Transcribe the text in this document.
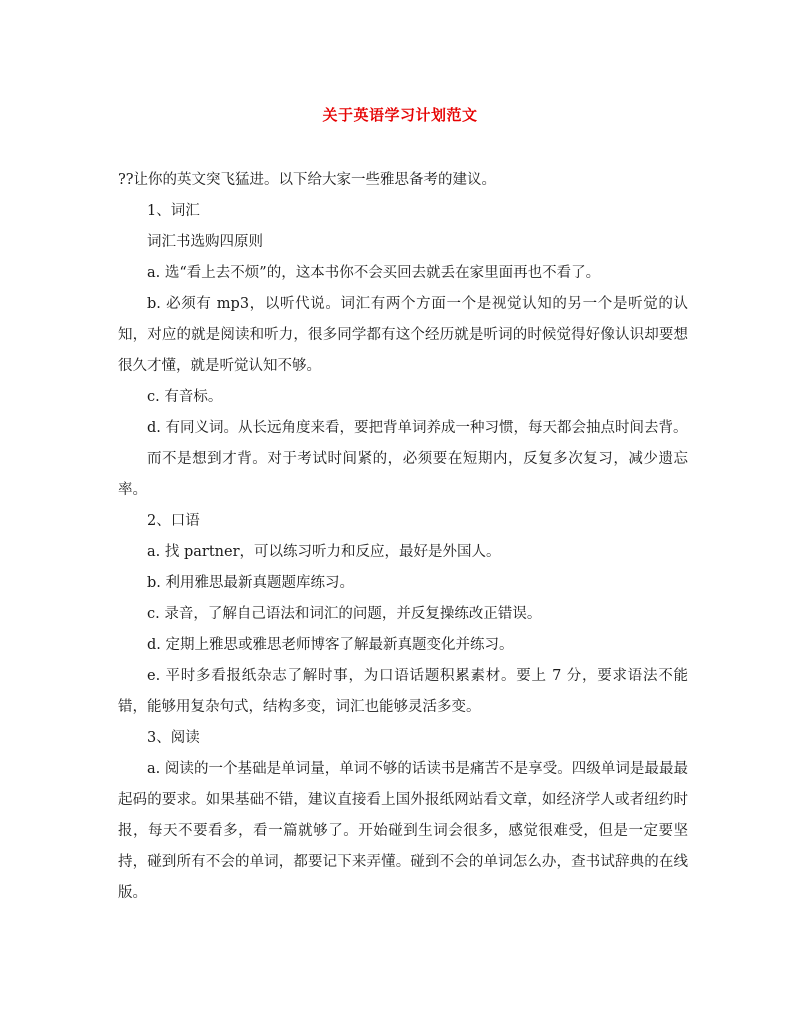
关于英语学习计划范文

??让你的英文突飞猛进。以下给大家一些雅思备考的建议。

1、词汇

词汇书选购四原则

a. 选“看上去不烦”的，这本书你不会买回去就丢在家里面再也不看了。

b. 必须有 mp3，以听代说。词汇有两个方面一个是视觉认知的另一个是听觉的认知，对应的就是阅读和听力，很多同学都有这个经历就是听词的时候觉得好像认识却要想很久才懂，就是听觉认知不够。

c. 有音标。

d. 有同义词。从长远角度来看，要把背单词养成一种习惯，每天都会抽点时间去背。

而不是想到才背。对于考试时间紧的，必须要在短期内，反复多次复习，减少遗忘率。

2、口语

a. 找 partner，可以练习听力和反应，最好是外国人。

b. 利用雅思最新真题题库练习。

c. 录音，了解自己语法和词汇的问题，并反复操练改正错误。

d. 定期上雅思或雅思老师博客了解最新真题变化并练习。

e. 平时多看报纸杂志了解时事，为口语话题积累素材。要上 7 分，要求语法不能错，能够用复杂句式，结构多变，词汇也能够灵活多变。

3、阅读

a. 阅读的一个基础是单词量，单词不够的话读书是痛苦不是享受。四级单词是最最最起码的要求。如果基础不错，建议直接看上国外报纸网站看文章，如经济学人或者纽约时报，每天不要看多，看一篇就够了。开始碰到生词会很多，感觉很难受，但是一定要坚持，碰到所有不会的单词，都要记下来弄懂。碰到不会的单词怎么办，查书试辞典的在线版。
